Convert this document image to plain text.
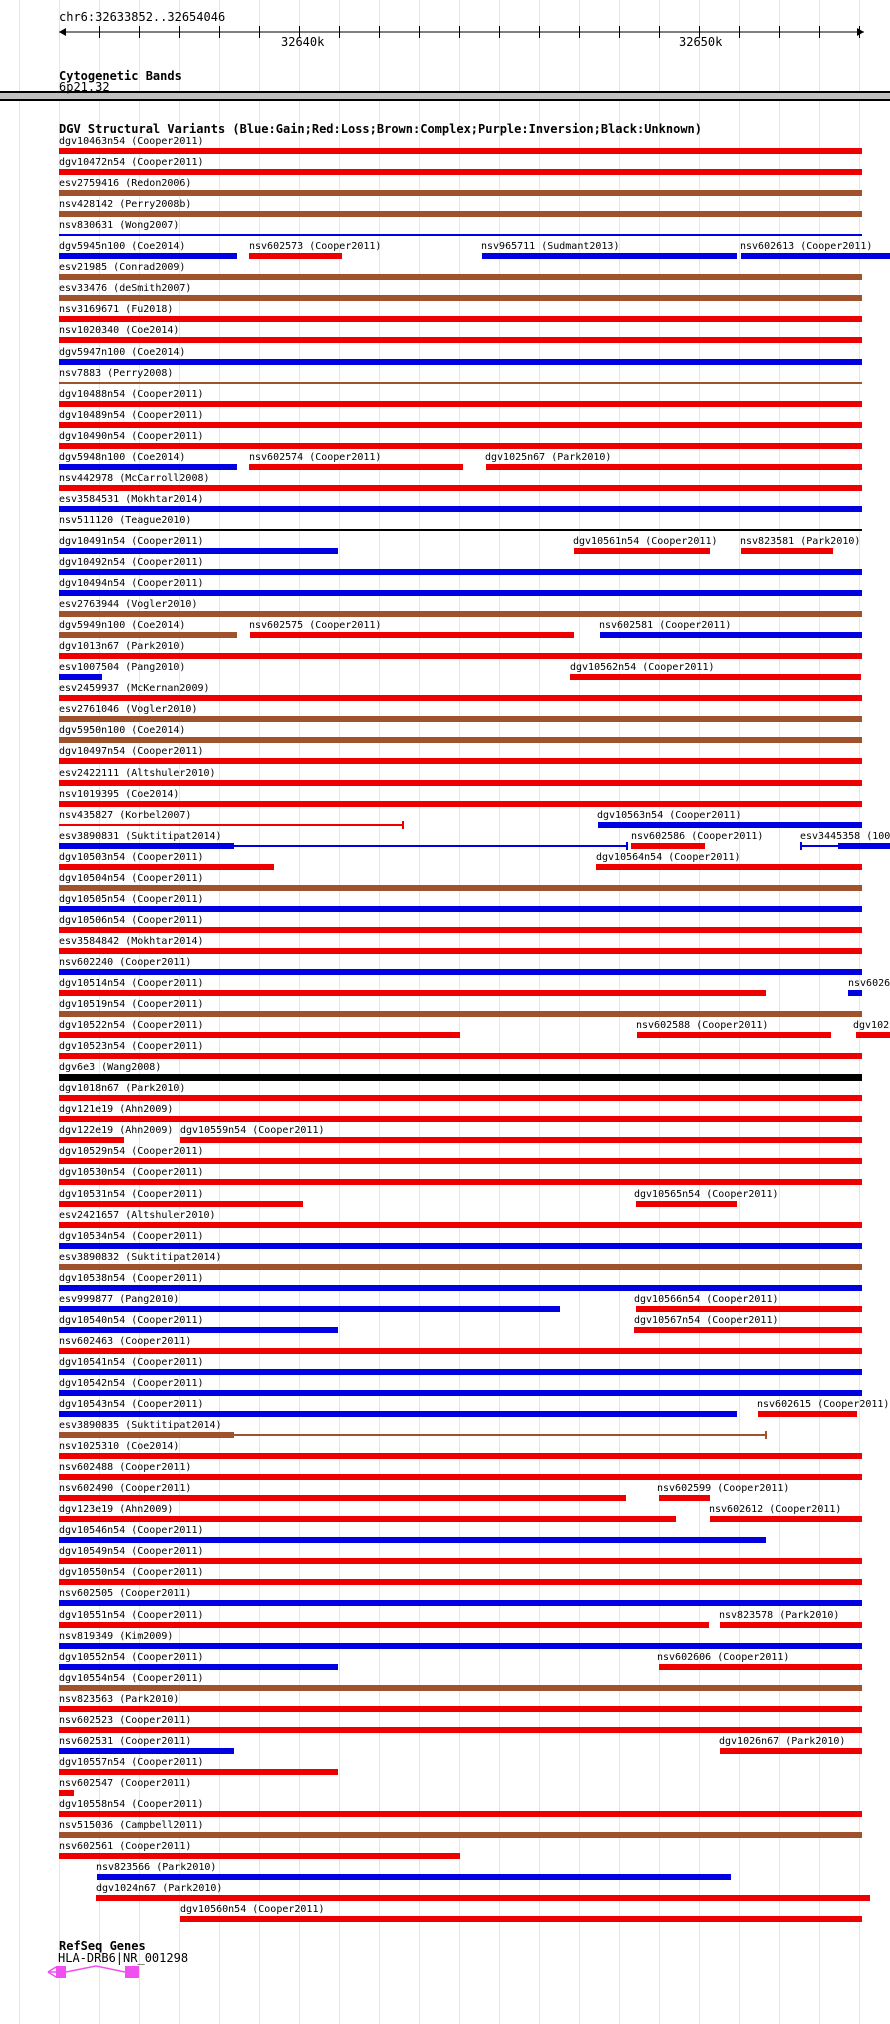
chr6:32633852..32654046
32640k	32650k
Cytogenetic Bands
6p21.32
DGV Structural Variants (Blue:Gain;Red:Loss;Brown:Complex;Purple:Inversion;Black:Unknown)
dgv10463n54 (Cooper2011)
dgv10472n54 (Cooper2011)
esv2759416 (Redon2006)
nsv428142 (Perry2008b)
nsv830631 (Wong2007)
dgv5945n100 (Coe2014)	nsv602573 (Cooper2011)	nsv965711 (Sudmant2013)	nsv602613 (Cooper2011)
esv21985 (Conrad2009)
esv33476 (deSmith2007)
nsv3169671 (Fu2018)
nsv1020340 (Coe2014)
dgv5947n100 (Coe2014)
nsv7883 (Perry2008)
dgv10488n54 (Cooper2011)
dgv10489n54 (Cooper2011)
dgv10490n54 (Cooper2011)
dgv5948n100 (Coe2014)	nsv602574 (Cooper2011)	dgv1025n67 (Park2010)
nsv442978 (McCarroll2008)
esv3584531 (Mokhtar2014)
nsv511120 (Teague2010)
dgv10491n54 (Cooper2011)	dgv10561n54 (Cooper2011) nsv823581 (Park2010)
dgv10492n54 (Cooper2011)
dgv10494n54 (Cooper2011)
esv2763944 (Vogler2010)
dgv5949n100 (Coe2014)	nsv602575 (Cooper2011)	nsv602581 (Cooper2011)
dgv1013n67 (Park2010)
esv1007504 (Pang2010)	dgv10562n54 (Cooper2011)
esv2459937 (McKernan2009)
esv2761046 (Vogler2010)
dgv5950n100 (Coe2014)
dgv10497n54 (Cooper2011)
esv2422111 (Altshuler2010)
nsv1019395 (Coe2014)
nsv435827 (Korbel2007)	dgv10563n54 (Cooper2011)
esv3890831 (Suktitipat2014)	nsv602586 (Cooper2011)	esv3445358 (100
dgv10503n54 (Cooper2011)	dgv10564n54 (Cooper2011)
dgv10504n54 (Cooper2011)
dgv10505n54 (Cooper2011)
dgv10506n54 (Cooper2011)
esv3584842 (Mokhtar2014)
nsv602240 (Cooper2011)
dgv10514n54 (Cooper2011)	nsv6026
dgv10519n54 (Cooper2011)
dgv10522n54 (Cooper2011)	nsv602588 (Cooper2011)	dgv102
dgv10523n54 (Cooper2011)
dgv6e3 (Wang2008)
dgv1018n67 (Park2010)
dgv121e19 (Ahn2009)
dgv122e19 (Ahn2009) dgv10559n54 (Cooper2011)
dgv10529n54 (Cooper2011)
dgv10530n54 (Cooper2011)
dgv10531n54 (Cooper2011)	dgv10565n54 (Cooper2011)
esv2421657 (Altshuler2010)
dgv10534n54 (Cooper2011)
esv3890832 (Suktitipat2014)
dgv10538n54 (Cooper2011)
esv999877 (Pang2010)	dgv10566n54 (Cooper2011)
dgv10540n54 (Cooper2011)	dgv10567n54 (Cooper2011)
nsv602463 (Cooper2011)
dgv10541n54 (Cooper2011)
dgv10542n54 (Cooper2011)
dgv10543n54 (Cooper2011)	nsv602615 (Cooper2011)
esv3890835 (Suktitipat2014)
nsv1025310 (Coe2014)
nsv602488 (Cooper2011)
nsv602490 (Cooper2011)	nsv602599 (Cooper2011)
dgv123e19 (Ahn2009)	nsv602612 (Cooper2011)
dgv10546n54 (Cooper2011)
dgv10549n54 (Cooper2011)
dgv10550n54 (Cooper2011)
nsv602505 (Cooper2011)
dgv10551n54 (Cooper2011)	nsv823578 (Park2010)
nsv819349 (Kim2009)
dgv10552n54 (Cooper2011)	nsv602606 (Cooper2011)
dgv10554n54 (Cooper2011)
nsv823563 (Park2010)
nsv602523 (Cooper2011)
nsv602531 (Cooper2011)	dgv1026n67 (Park2010)
dgv10557n54 (Cooper2011)
nsv602547 (Cooper2011)
dgv10558n54 (Cooper2011)
nsv515036 (Campbell2011)
nsv602561 (Cooper2011)
nsv823566 (Park2010)
dgv1024n67 (Park2010)
dgv10560n54 (Cooper2011)
RefSeq Genes
HLA-DRB6|NR_001298
